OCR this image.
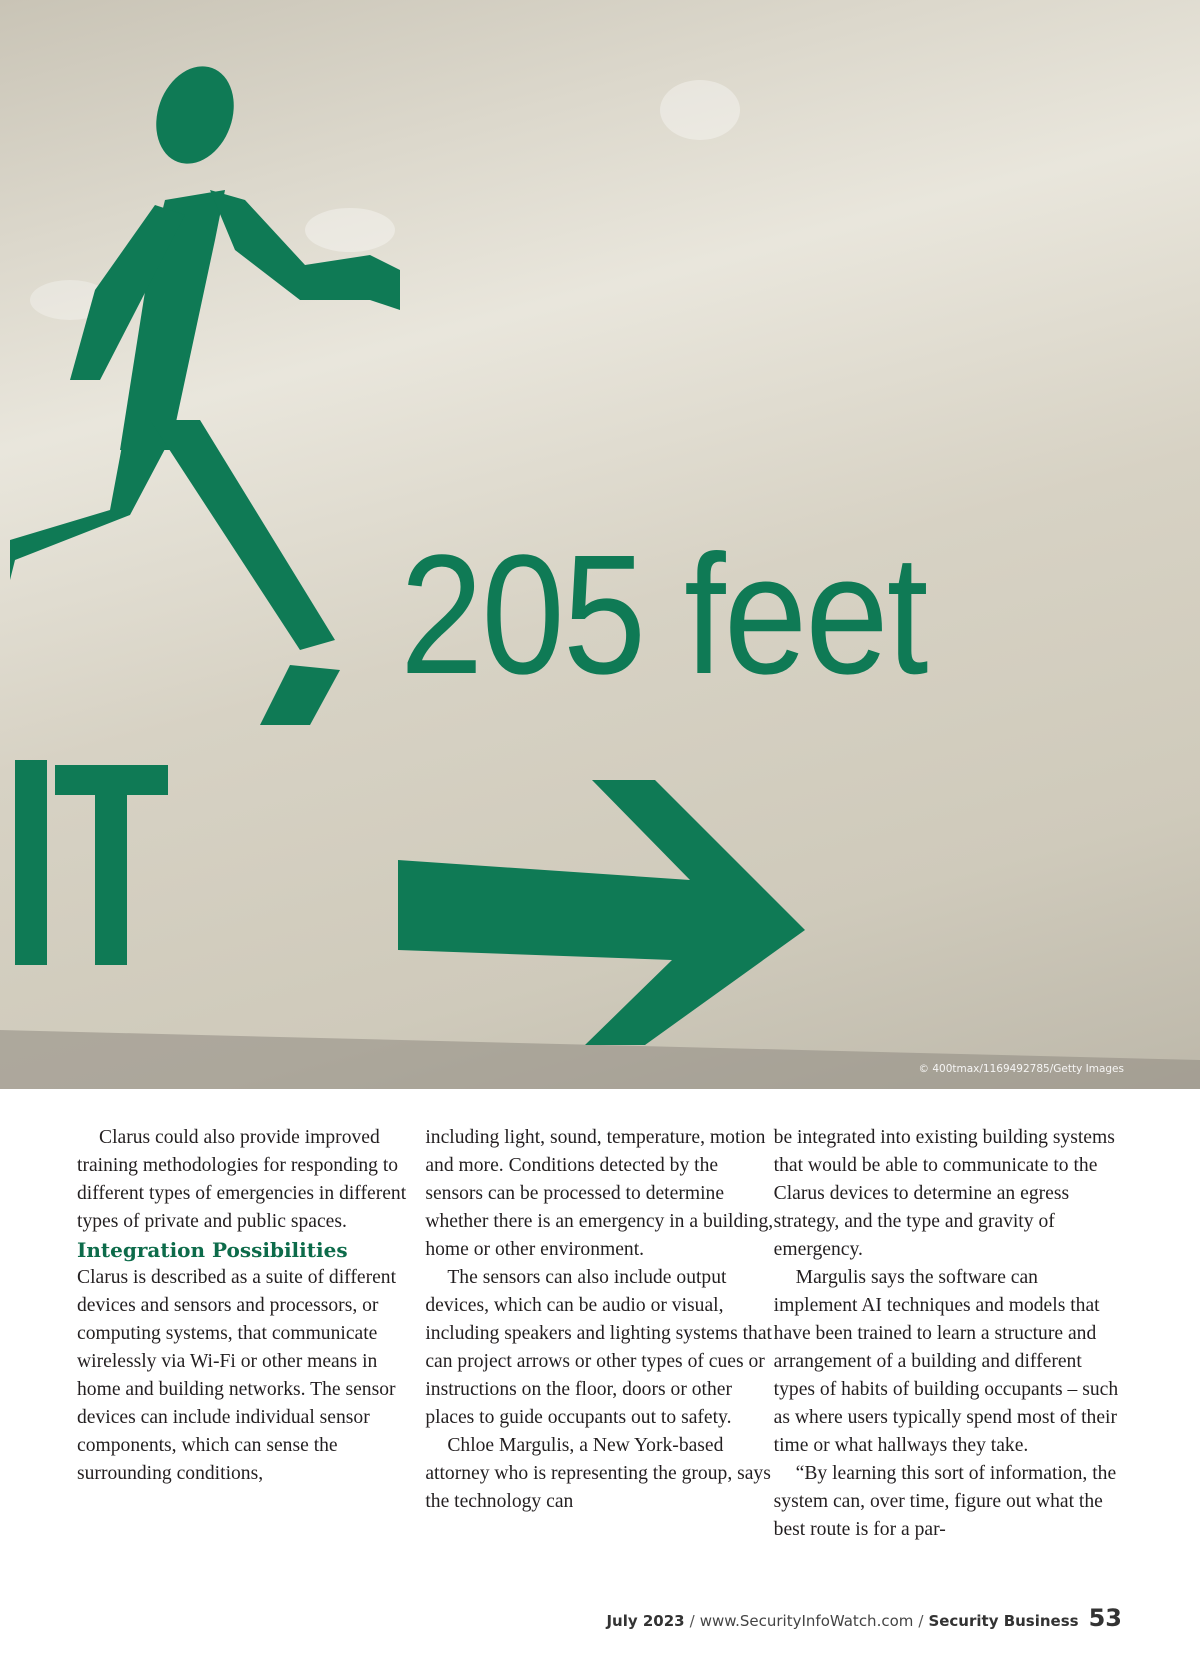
205 feet
© 400tmax/1169492785/Getty Images

Clarus could also provide improved training methodologies for responding to different types of emergencies in different types of private and public spaces.

Integration Possibilities

Clarus is described as a suite of different devices and sensors and processors, or computing systems, that communicate wirelessly via Wi-Fi or other means in home and building networks. The sensor devices can include individual sensor components, which can sense the surrounding conditions,

including light, sound, temperature, motion and more. Conditions detected by the sensors can be processed to determine whether there is an emergency in a building, home or other environment.

The sensors can also include output devices, which can be audio or visual, including speakers and lighting systems that can project arrows or other types of cues or instructions on the floor, doors or other places to guide occupants out to safety.

Chloe Margulis, a New York-based attorney who is representing the group, says the technology can

be integrated into existing building systems that would be able to communicate to the Clarus devices to determine an egress strategy, and the type and gravity of emergency.

Margulis says the software can implement AI techniques and models that have been trained to learn a structure and arrangement of a building and different types of habits of building occupants – such as where users typically spend most of their time or what hallways they take.

“By learning this sort of information, the system can, over time, figure out what the best route is for a par-

July 2023 / www.SecurityInfoWatch.com / Security Business 53
